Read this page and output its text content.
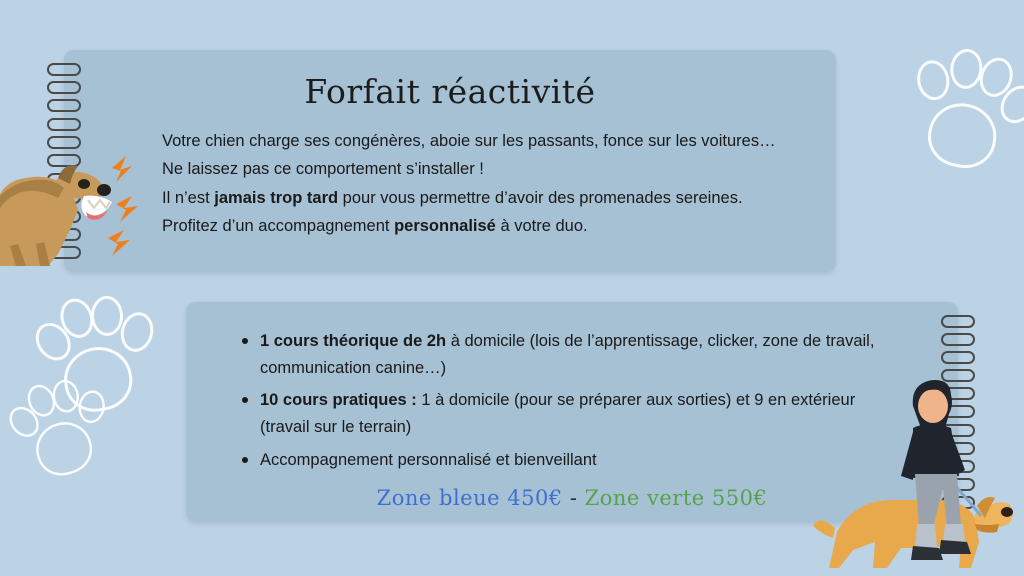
Forfait réactivité

Votre chien charge ses congénères, aboie sur les passants, fonce sur les voitures…

Ne laissez pas ce comportement s’installer !

Il n’est jamais trop tard pour vous permettre d’avoir des promenades sereines.

Profitez d’un accompagnement personnalisé à votre duo.

1 cours théorique de 2h à domicile (lois de l’apprentissage, clicker, zone de travail, communication canine…)
10 cours pratiques : 1 à domicile (pour se préparer aux sorties) et 9 en extérieur (travail sur le terrain)
Accompagnement personnalisé et bienveillant
Zone bleue 450€ - Zone verte 550€
